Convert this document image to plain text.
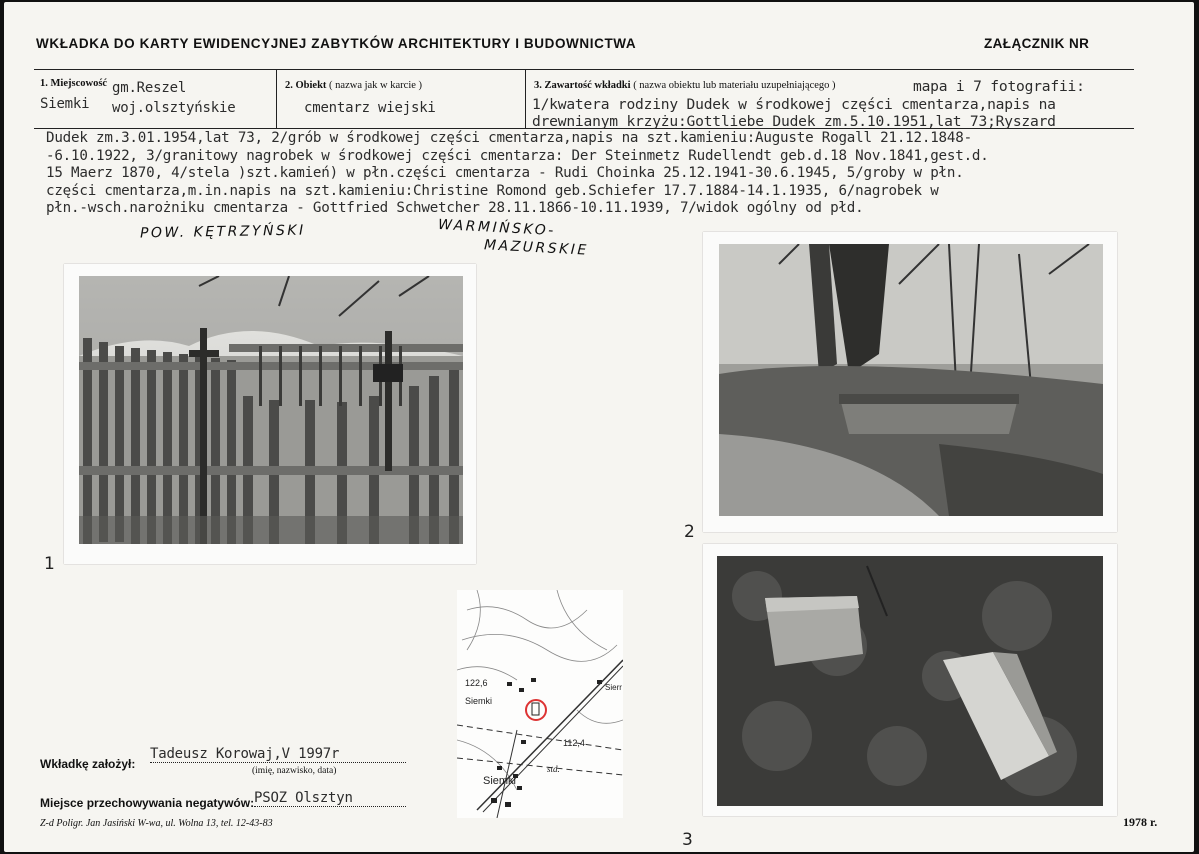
WKŁADKA DO KARTY EWIDENCYJNEJ ZABYTKÓW ARCHITEKTURY I BUDOWNICTWA	ZAŁĄCZNIK NR
1. Miejscowość gm.Reszel
Siemki woj.olsztyńskie
2. Obiekt ( nazwa jak w karcie )
cmentarz wiejski
3. Zawartość wkładki ( nazwa obiektu lub materiału uzupełniającego )	mapa i 7 fotografii:
1/kwatera rodziny Dudek w środkowej części cmentarza,napis na
drewnianym krzyżu:Gottliebe Dudek zm.5.10.1951,lat 73;Ryszard
Dudek zm.3.01.1954,lat 73, 2/grób w środkowej części cmentarza,napis na szt.kamieniu:Auguste Rogall 21.12.1848-
-6.10.1922, 3/granitowy nagrobek w środkowej części cmentarza: Der Steinmetz Rudellendt geb.d.18 Nov.1841,gest.d.
15 Maerz 1870, 4/stela )szt.kamień) w płn.części cmentarza - Rudi Choinka 25.12.1941-30.6.1945, 5/groby w płn.
części cmentarza,m.in.napis na szt.kamieniu:Christine Romond geb.Schiefer 17.7.1884-14.1.1935, 6/nagrobek w
płn.-wsch.narożniku cmentarza - Gottfried Schwetcher 28.11.1866-10.11.1939, 7/widok ogólny od płd.
POW. KĘTRZYŃSKI	WARMIŃSKO-
MAZURSKIE
1
2
3
122,6
Siemki
Sierr
112,4
std.
Siemki
Wkładkę założył:
Tadeusz Korowaj,V 1997r
(imię, nazwisko, data)
Miejsce przechowywania negatywów: PSOZ Olsztyn
Z-d Poligr. Jan Jasiński W-wa, ul. Wolna 13, tel. 12-43-83	1978 r.
